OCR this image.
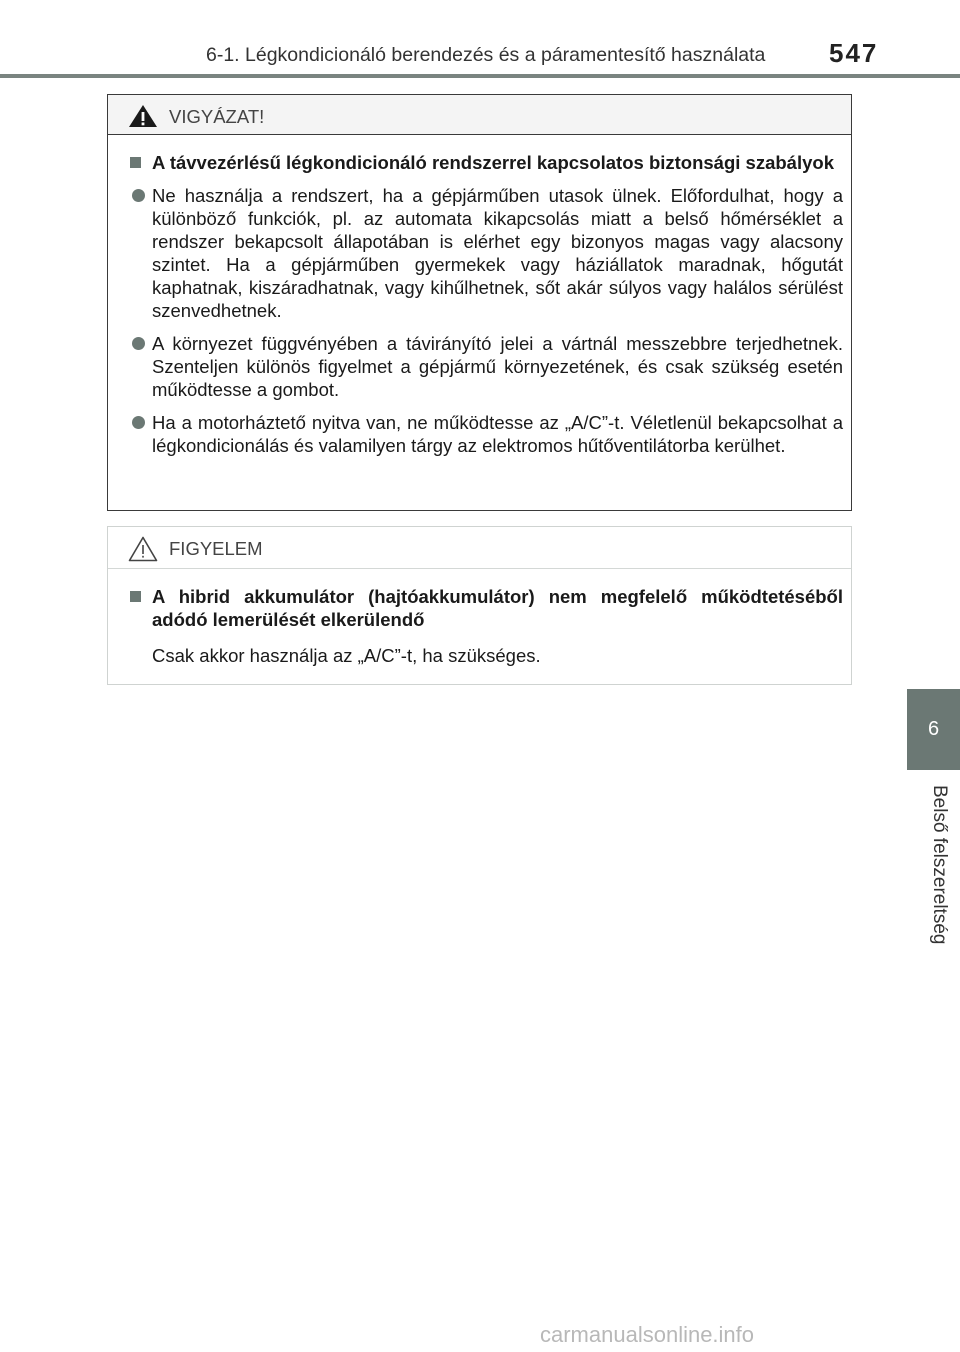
6-1. Légkondicionáló berendezés és a páramentesítő használata	547
6
Belső felszereltség
VIGYÁZAT!
A távvezérlésű légkondicionáló rendszerrel kapcsolatos biztonsági szabályok
Ne használja a rendszert, ha a gépjárműben utasok ülnek. Előfordulhat, hogy a különböző funkciók, pl. az automata kikapcsolás miatt a belső hőmérséklet a rendszer bekapcsolt állapotában is elérhet egy bizonyos magas vagy alacsony szintet. Ha a gépjárműben gyermekek vagy háziállatok maradnak, hőgutát kaphatnak, kiszáradhatnak, vagy kihűlhetnek, sőt akár súlyos vagy halálos sérülést szenvedhetnek.
A környezet függvényében a távirányító jelei a vártnál messzebbre terjedhetnek. Szenteljen különös figyelmet a gépjármű környezetének, és csak szükség esetén működtesse a gombot.
Ha a motorháztető nyitva van, ne működtesse az „A/C”-t. Véletlenül bekapcsolhat a légkondicionálás és valamilyen tárgy az elektromos hűtőventilátorba kerülhet.
FIGYELEM
A hibrid akkumulátor (hajtóakkumulátor) nem megfelelő működtetéséből adódó lemerülését elkerülendő
Csak akkor használja az „A/C”-t, ha szükséges.
carmanualsonline.info
